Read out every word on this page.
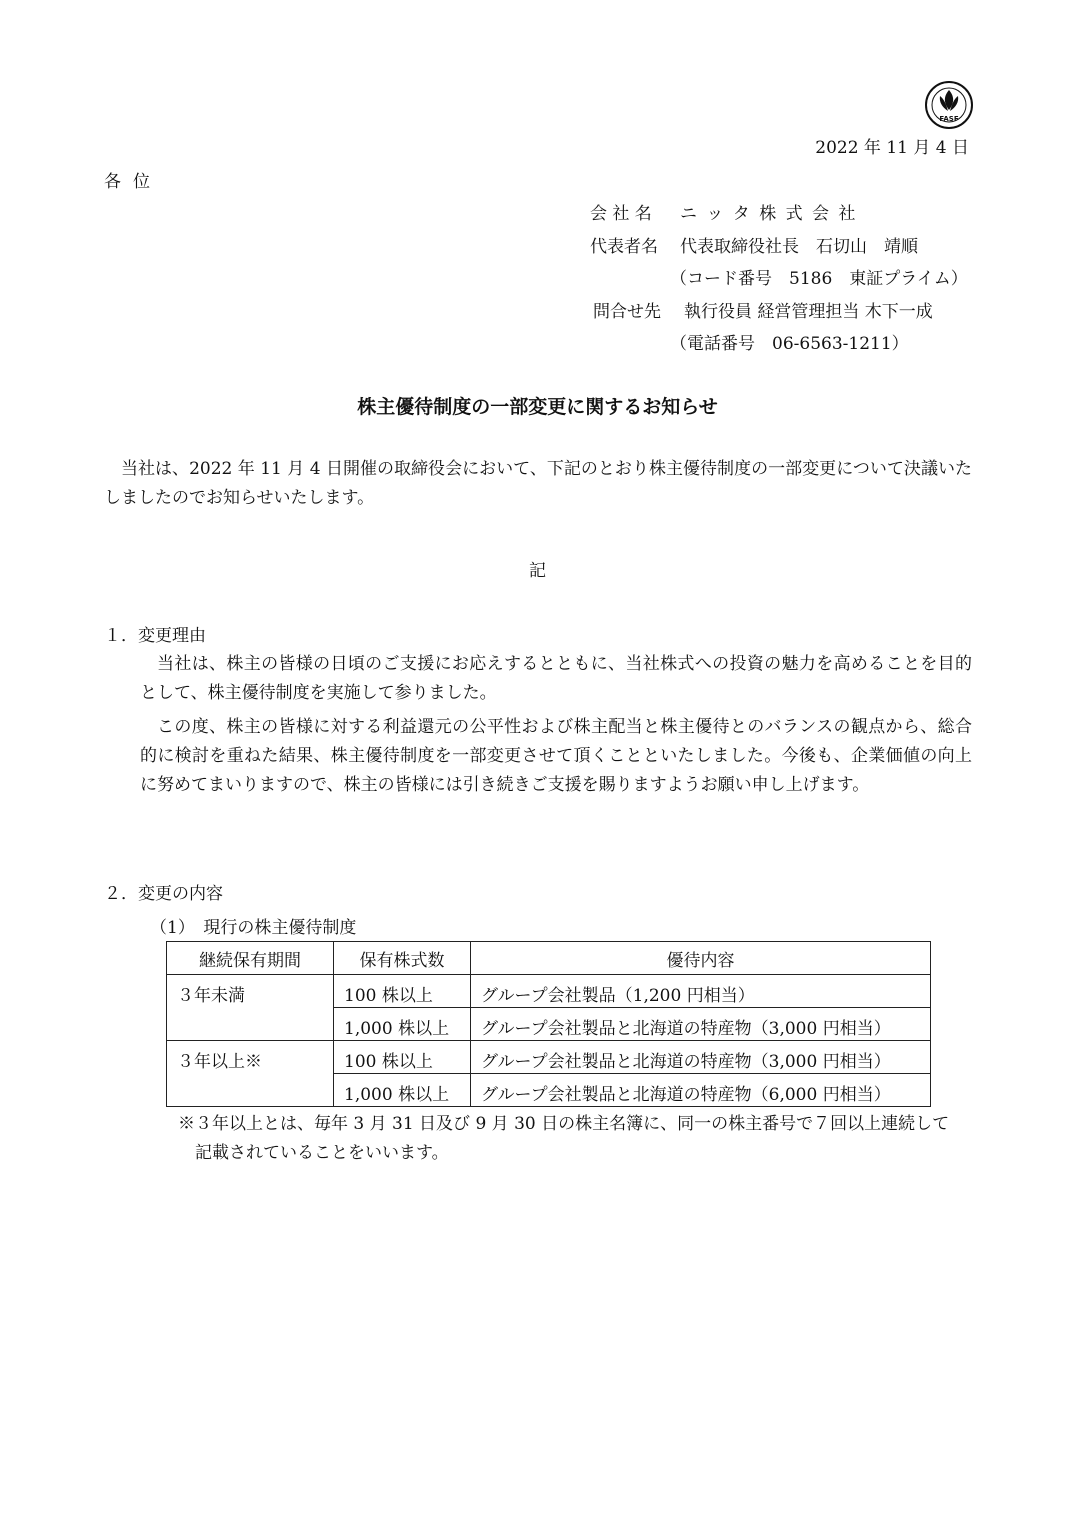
FASF
2022 年 11 月 4 日
各位
会 社 名 ニ ッ タ 株 式 会 社
代表者名 代表取締役社長　石切山　靖順
（コード番号　5186　東証プライム）
問合せ先 執行役員 経営管理担当 木下一成
（電話番号　06-6563-1211）
株主優待制度の一部変更に関するお知らせ
当社は、2022 年 11 月 4 日開催の取締役会において、下記のとおり株主優待制度の一部変更について決議いたしましたのでお知らせいたします。
記
１．変更理由
当社は、株主の皆様の日頃のご支援にお応えするとともに、当社株式への投資の魅力を高めることを目的として、株主優待制度を実施して参りました。
この度、株主の皆様に対する利益還元の公平性および株主配当と株主優待とのバランスの観点から、総合的に検討を重ねた結果、株主優待制度を一部変更させて頂くことといたしました。今後も、企業価値の向上に努めてまいりますので、株主の皆様には引き続きご支援を賜りますようお願い申し上げます。
２．変更の内容
（1）　現行の株主優待制度
継続保有期間	保有株式数	優待内容
３年未満	100 株以上	グループ会社製品（1,200 円相当）
	1,000 株以上	グループ会社製品と北海道の特産物（3,000 円相当）
３年以上※	100 株以上	グループ会社製品と北海道の特産物（3,000 円相当）
	1,000 株以上	グループ会社製品と北海道の特産物（6,000 円相当）
※３年以上とは、毎年 3 月 31 日及び 9 月 30 日の株主名簿に、同一の株主番号で７回以上連続して記載されていることをいいます。
